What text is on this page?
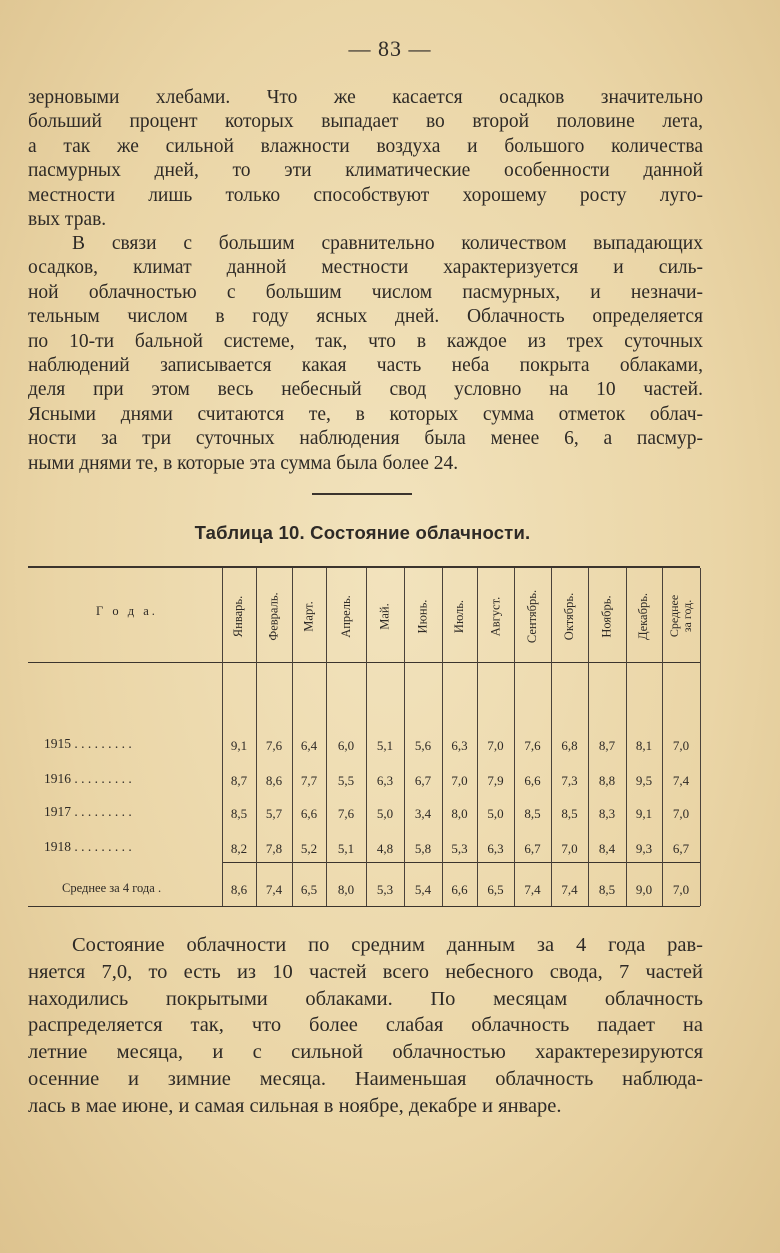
— 83 —
зерновыми хлебами. Что же касается осадков значительно
больший процент которых выпадает во второй половине лета,
а так же сильной влажности воздуха и большого количества
пасмурных дней, то эти климатические особенности данной
местности лишь только способствуют хорошему росту луго-
вых трав.
В связи с большим сравнительно количеством выпадающих
осадков, климат данной местности характеризуется и силь-
ной облачностью с большим числом пасмурных, и незначи-
тельным числом в году ясных дней. Облачность определяется
по 10-ти бальной системе, так, что в каждое из трех суточных
наблюдений записывается какая часть неба покрыта облаками,
деля при этом весь небесный свод условно на 10 частей.
Ясными днями считаются те, в которых сумма отметок облач-
ности за три суточных наблюдения была менее 6, а пасмур-
ными днями те, в которые эта сумма была более 24.
Таблица 10. Состояние облачности.
Г о д а.	Январь. Февраль. Март. Апрель. Май. Июнь. Июль. Август. Сентябрь. Октябрь. Ноябрь. Декабрь. Среднее
за год.
1915 . . . . . . . . .	9,1	7,6	6,4	6,0	5,1	5,6	6,3	7,0	7,6	6,8	8,7	8,1	7,0
1916 . . . . . . . . .	8,7	8,6	7,7	5,5	6,3	6,7	7,0	7,9	6,6	7,3	8,8	9,5	7,4
1917 . . . . . . . . .	8,5	5,7	6,6	7,6	5,0	3,4	8,0	5,0	8,5	8,5	8,3	9,1	7,0
1918 . . . . . . . . .	8,2	7,8	5,2	5,1	4,8	5,8	5,3	6,3	6,7	7,0	8,4	9,3	6,7
Среднее за 4 года .	8,6	7,4	6,5	8,0	5,3	5,4	6,6	6,5	7,4	7,4	8,5	9,0	7,0
Состояние облачности по средним данным за 4 года рав-
няется 7,0, то есть из 10 частей всего небесного свода, 7 частей
находились покрытыми облаками. По месяцам облачность
распределяется так, что более слабая облачность падает на
летние месяца, и с сильной облачностью характерезируются
осенние и зимние месяца. Наименьшая облачность наблюда-
лась в мае июне, и самая сильная в ноябре, декабре и январе.
